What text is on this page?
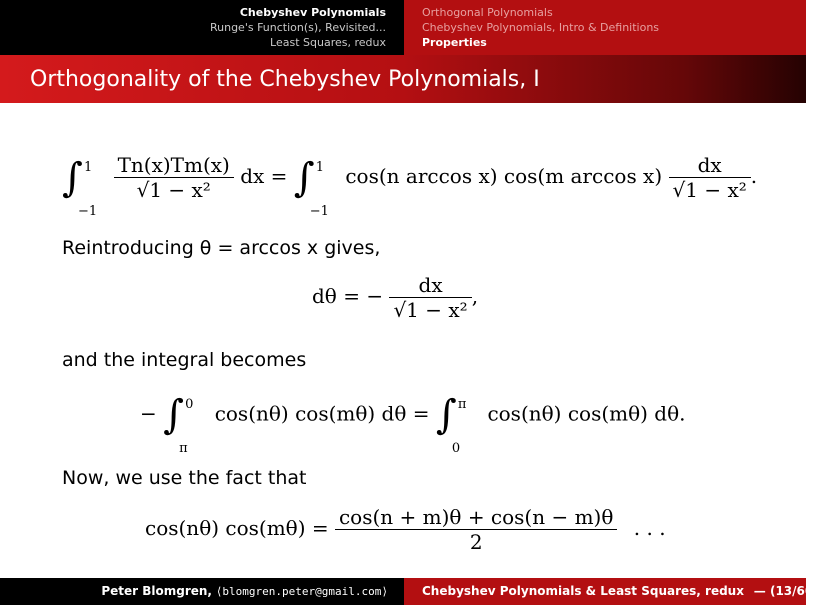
Chebyshev Polynomials
Runge's Function(s), Revisited...
Least Squares, redux
Orthogonal Polynomials
Chebyshev Polynomials, Intro & Definitions
Properties
Orthogonality of the Chebyshev Polynomials, I
∫ 1
−1

$\frac{Tn(x)Tm(x)}{\text{√1 − x²}}$ dx = ∫ 1
−1
cos(n arccos x) cos(m $\arccos x) \frac{dx}{\text{√1 − x²}}$ .
Reintroducing θ = arccos x gives,
dθ = − $\frac{dx}{\text{√1 − x²}}$ ,
and the integral becomes
− ∫ 0
π
cos(nθ) cos(mθ) dθ = ∫ π
0
cos(nθ) cos(mθ) dθ.
Now, we use the fact that
cos(nθ) $\cos(m\theta) = \frac{\cos(n + m)\theta + \cos(n - m)\theta}{2}$ . . .
Peter Blomgren, ⟨blomgren.peter@gmail.com⟩	Chebyshev Polynomials & Least Squares, redux — (13/60)
